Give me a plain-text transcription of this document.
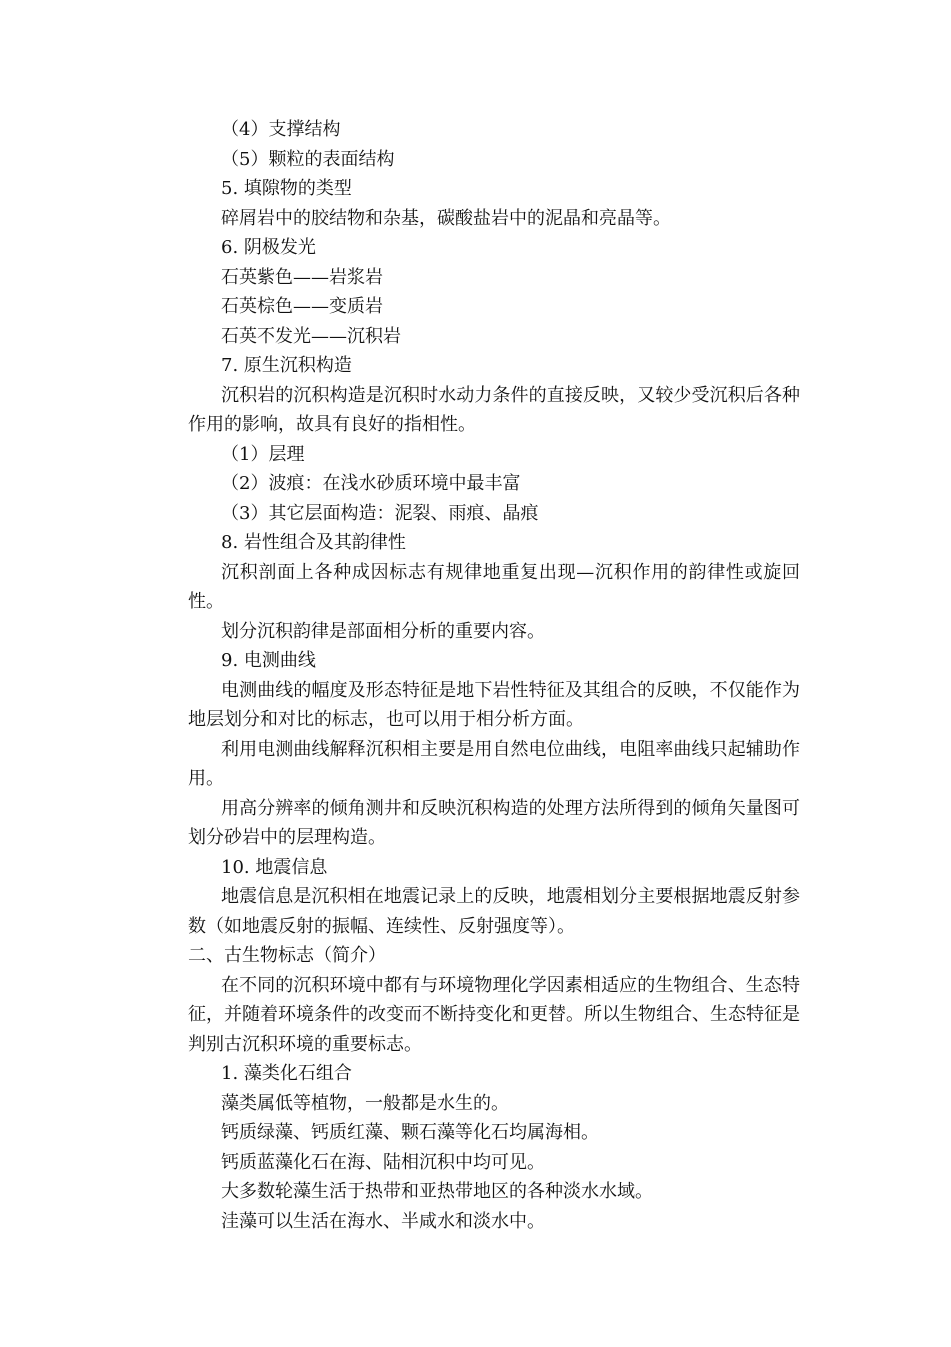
（4）支撑结构

（5）颗粒的表面结构

5. 填隙物的类型

碎屑岩中的胶结物和杂基，碳酸盐岩中的泥晶和亮晶等。

6. 阴极发光

石英紫色——岩浆岩

石英棕色——变质岩

石英不发光——沉积岩

7. 原生沉积构造

沉积岩的沉积构造是沉积时水动力条件的直接反映，又较少受沉积后各种作用的影响，故具有良好的指相性。

（1）层理

（2）波痕：在浅水砂质环境中最丰富

（3）其它层面构造：泥裂、雨痕、晶痕

8. 岩性组合及其韵律性

沉积剖面上各种成因标志有规律地重复出现—沉积作用的韵律性或旋回性。

划分沉积韵律是部面相分析的重要内容。

9. 电测曲线

电测曲线的幅度及形态特征是地下岩性特征及其组合的反映，不仅能作为地层划分和对比的标志，也可以用于相分析方面。

利用电测曲线解释沉积相主要是用自然电位曲线，电阻率曲线只起辅助作用。

用高分辨率的倾角测井和反映沉积构造的处理方法所得到的倾角矢量图可划分砂岩中的层理构造。

10. 地震信息

地震信息是沉积相在地震记录上的反映，地震相划分主要根据地震反射参数（如地震反射的振幅、连续性、反射强度等）。

二、古生物标志（简介）

在不同的沉积环境中都有与环境物理化学因素相适应的生物组合、生态特征，并随着环境条件的改变而不断持变化和更替。所以生物组合、生态特征是判别古沉积环境的重要标志。

1. 藻类化石组合

藻类属低等植物，一般都是水生的。

钙质绿藻、钙质红藻、颗石藻等化石均属海相。

钙质蓝藻化石在海、陆相沉积中均可见。

大多数轮藻生活于热带和亚热带地区的各种淡水水域。

洼藻可以生活在海水、半咸水和淡水中。
